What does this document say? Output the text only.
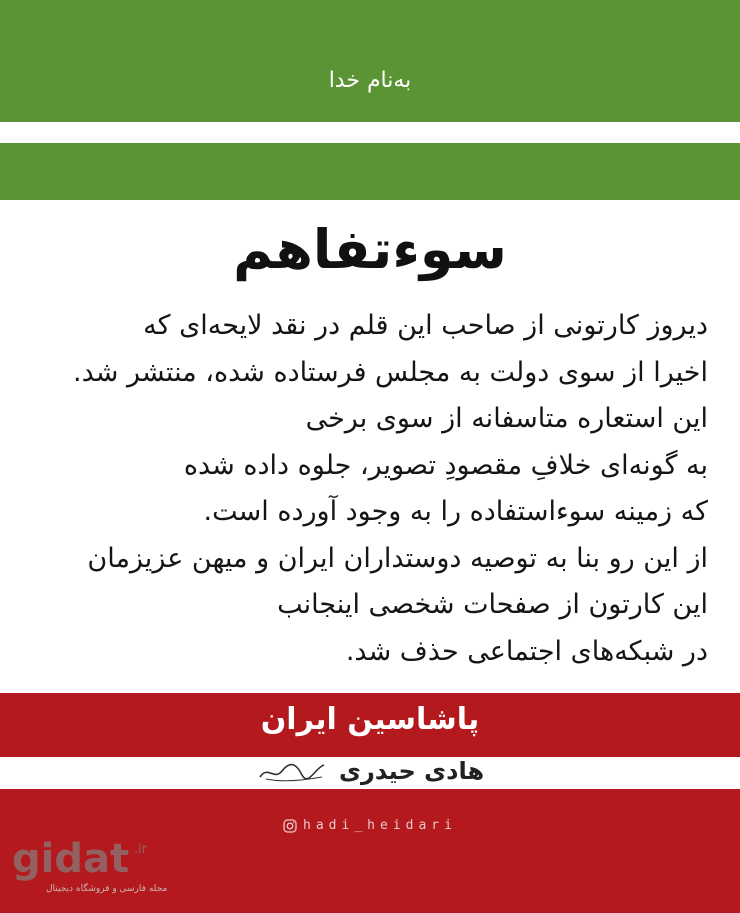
به‌نام خدا
سوءتفاهم
دیروز کارتونی از صاحب این قلم در نقد لایحه‌ای که
اخیرا از سوی دولت به مجلس فرستاده شده، منتشر شد.
این استعاره متاسفانه از سوی برخی
به گونه‌ای خلافِ مقصودِ تصویر، جلوه داده شده
که زمینه سوءاستفاده را به وجود آورده است.
از این رو بنا به توصیه دوستداران ایران و میهن عزیزمان
این کارتون از صفحات شخصی اینجانب
در شبکه‌های اجتماعی حذف شد.
پاشاسین ایران
هادی حیدری
hadi_heidari
gidat .ir
مجله فارسی و فروشگاه دیجیتال
